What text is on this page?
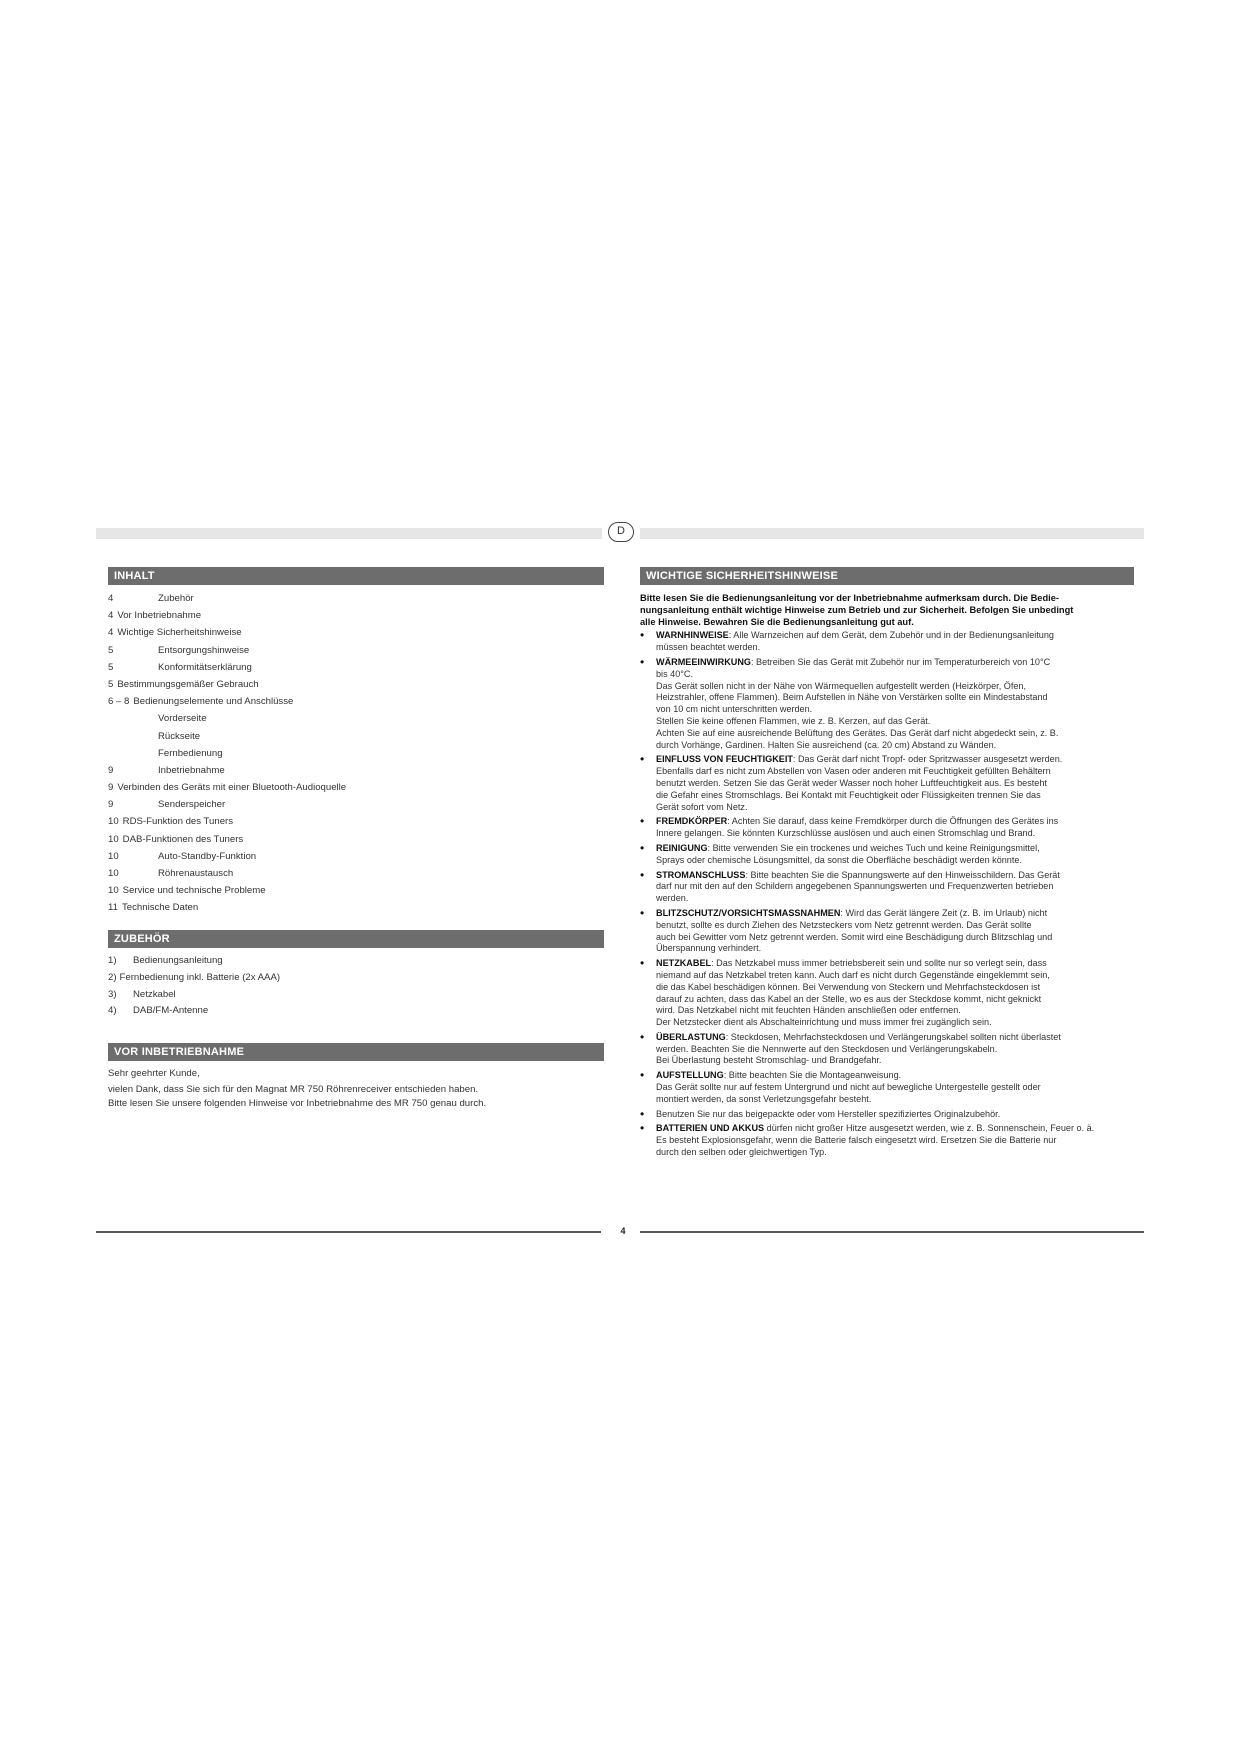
D
INHALT
4	Zubehör
4 Vor Inbetriebnahme
4 Wichtige Sicherheitshinweise
5	Entsorgungshinweise
5	Konformitätserklärung
5 Bestimmungsgemäßer Gebrauch
6 – 8 Bedienungselemente und Anschlüsse
Vorderseite
Rückseite
Fernbedienung
9	Inbetriebnahme
9 Verbinden des Geräts mit einer Bluetooth-Audioquelle
9	Senderspeicher
10 RDS-Funktion des Tuners
10 DAB-Funktionen des Tuners
10	Auto-Standby-Funktion
10	Röhrenaustausch
10 Service und technische Probleme
11 Technische Daten
ZUBEHÖR
1) Bedienungsanleitung
2) Fernbedienung inkl. Batterie (2x AAA)
3) Netzkabel
4) DAB/FM-Antenne
VOR INBETRIEBNAHME
Sehr geehrter Kunde,
vielen Dank, dass Sie sich für den Magnat MR 750 Röhrenreceiver entschieden haben.
Bitte lesen Sie unsere folgenden Hinweise vor Inbetriebnahme des MR 750 genau durch.
WICHTIGE SICHERHEITSHINWEISE
Bitte lesen Sie die Bedienungsanleitung vor der Inbetriebnahme aufmerksam durch. Die Bedie-
nungsanleitung enthält wichtige Hinweise zum Betrieb und zur Sicherheit. Befolgen Sie unbedingt
alle Hinweise. Bewahren Sie die Bedienungsanleitung gut auf.
• WARNHINWEISE: Alle Warnzeichen auf dem Gerät, dem Zubehör und in der Bedienungsanleitung
müssen beachtet werden.
• WÄRMEEINWIRKUNG: Betreiben Sie das Gerät mit Zubehör nur im Temperaturbereich von 10°C
bis 40°C.
Das Gerät sollen nicht in der Nähe von Wärmequellen aufgestellt werden (Heizkörper, Öfen,
Heizstrahler, offene Flammen). Beim Aufstellen in Nähe von Verstärken sollte ein Mindestabstand
von 10 cm nicht unterschritten werden.
Stellen Sie keine offenen Flammen, wie z. B. Kerzen, auf das Gerät.
Achten Sie auf eine ausreichende Belüftung des Gerätes. Das Gerät darf nicht abgedeckt sein, z. B.
durch Vorhänge, Gardinen. Halten Sie ausreichend (ca. 20 cm) Abstand zu Wänden.
• EINFLUSS VON FEUCHTIGKEIT: Das Gerät darf nicht Tropf- oder Spritzwasser ausgesetzt werden.
Ebenfalls darf es nicht zum Abstellen von Vasen oder anderen mit Feuchtigkeit gefüllten Behältern
benutzt werden. Setzen Sie das Gerät weder Wasser noch hoher Luftfeuchtigkeit aus. Es besteht
die Gefahr eines Stromschlags. Bei Kontakt mit Feuchtigkeit oder Flüssigkeiten trennen Sie das
Gerät sofort vom Netz.
• FREMDKÖRPER: Achten Sie darauf, dass keine Fremdkörper durch die Öffnungen des Gerätes ins
Innere gelangen. Sie könnten Kurzschlüsse auslösen und auch einen Stromschlag und Brand.
• REINIGUNG: Bitte verwenden Sie ein trockenes und weiches Tuch und keine Reinigungsmittel,
Sprays oder chemische Lösungsmittel, da sonst die Oberfläche beschädigt werden könnte.
• STROMANSCHLUSS: Bitte beachten Sie die Spannungswerte auf den Hinweisschildern. Das Gerät
darf nur mit den auf den Schildern angegebenen Spannungswerten und Frequenzwerten betrieben
werden.
• BLITZSCHUTZ/VORSICHTSMASSNAHMEN: Wird das Gerät längere Zeit (z. B. im Urlaub) nicht
benutzt, sollte es durch Ziehen des Netzsteckers vom Netz getrennt werden. Das Gerät sollte
auch bei Gewitter vom Netz getrennt werden. Somit wird eine Beschädigung durch Blitzschlag und
Überspannung verhindert.
• NETZKABEL: Das Netzkabel muss immer betriebsbereit sein und sollte nur so verlegt sein, dass
niemand auf das Netzkabel treten kann. Auch darf es nicht durch Gegenstände eingeklemmt sein,
die das Kabel beschädigen können. Bei Verwendung von Steckern und Mehrfachsteckdosen ist
darauf zu achten, dass das Kabel an der Stelle, wo es aus der Steckdose kommt, nicht geknickt
wird. Das Netzkabel nicht mit feuchten Händen anschließen oder entfernen.
Der Netzstecker dient als Abschalteinrichtung und muss immer frei zugänglich sein.
• ÜBERLASTUNG: Steckdosen, Mehrfachsteckdosen und Verlängerungskabel sollten nicht überlastet
werden. Beachten Sie die Nennwerte auf den Steckdosen und Verlängerungskabeln.
Bei Überlastung besteht Stromschlag- und Brandgefahr.
• AUFSTELLUNG: Bitte beachten Sie die Montageanweisung.
Das Gerät sollte nur auf festem Untergrund und nicht auf bewegliche Untergestelle gestellt oder
montiert werden, da sonst Verletzungsgefahr besteht.
• Benutzen Sie nur das beigepackte oder vom Hersteller spezifiziertes Originalzubehör.
• BATTERIEN UND AKKUS dürfen nicht großer Hitze ausgesetzt werden, wie z. B. Sonnenschein, Feuer o. ä.
Es besteht Explosionsgefahr, wenn die Batterie falsch eingesetzt wird. Ersetzen Sie die Batterie nur
durch den selben oder gleichwertigen Typ.
4
